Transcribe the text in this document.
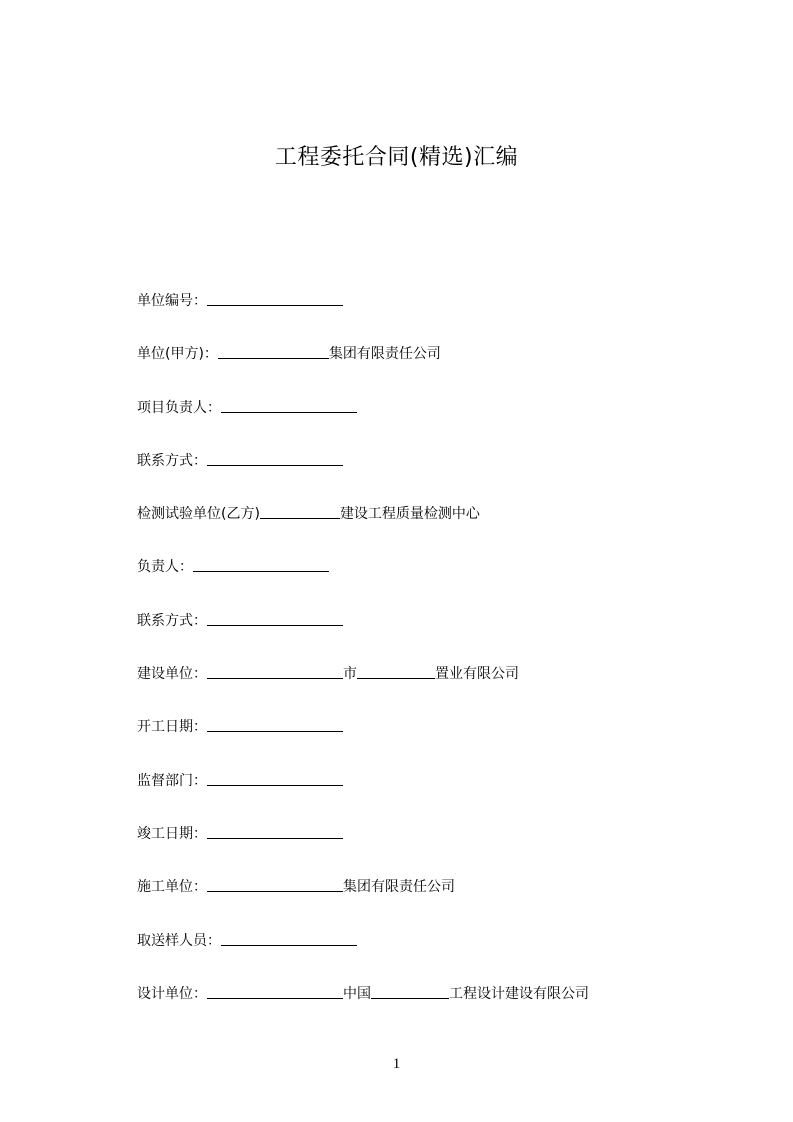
工程委托合同(精选)汇编
单位编号：
单位(甲方)：	集团有限责任公司
项目负责人：
联系方式：
检测试验单位(乙方)	建设工程质量检测中心
负责人：
联系方式：
建设单位：	市	置业有限公司
开工日期：
监督部门：
竣工日期：
施工单位：	集团有限责任公司
取送样人员：
设计单位：	中国	工程设计建设有限公司
1
